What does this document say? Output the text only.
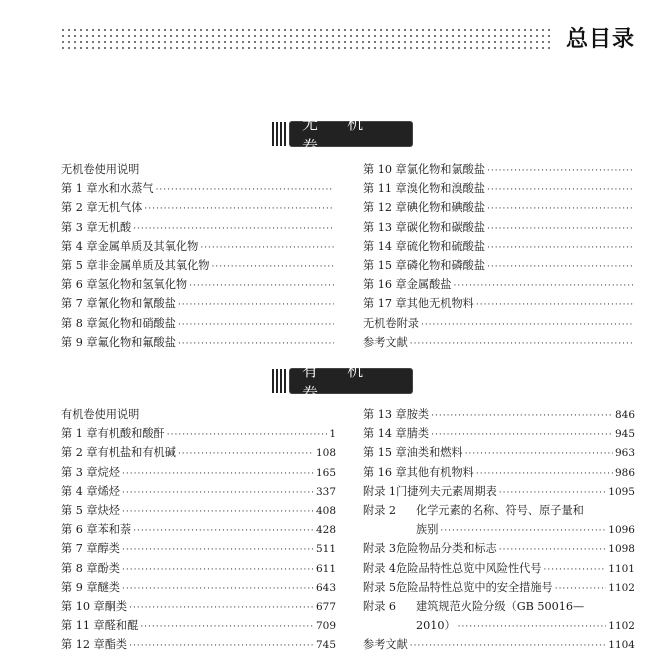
总目录
无 机 卷
无机卷使用说明
第 1 章 水和水蒸气
·····
第 2 章 无机气体
·····
第 3 章 无机酸
·····
第 4 章 金属单质及其氧化物
·····
第 5 章 非金属单质及其氧化物
·····
第 6 章 氢化物和氢氧化物
·····
第 7 章 氰化物和氰酸盐
·····
第 8 章 氮化物和硝酸盐
·····
第 9 章 氟化物和氟酸盐
·····
第 10 章 氯化物和氯酸盐
·····
第 11 章 溴化物和溴酸盐
·····
第 12 章 碘化物和碘酸盐
·····
第 13 章 碳化物和碳酸盐
·····
第 14 章 硫化物和硫酸盐
·····
第 15 章 磷化物和磷酸盐
·····
第 16 章 金属酸盐
·····
第 17 章 其他无机物料
·····
无机卷附录
·····
参考文献
·····
有 机 卷
有机卷使用说明
第 1 章 有机酸和酸酐 ·····	1
第 2 章 有机盐和有机碱 ·····	108
第 3 章 烷烃 ·····	165
第 4 章 烯烃 ·····	337
第 5 章 炔烃 ·····	408
第 6 章 苯和萘 ·····	428
第 7 章 醇类 ·····	511
第 8 章 酚类 ·····	611
第 9 章 醚类 ·····	643
第 10 章 酮类 ·····	677
第 11 章 醛和醌 ·····	709
第 12 章 酯类 ·····	745
第 13 章 胺类 ·····	846
第 14 章 腈类 ·····	945
第 15 章 油类和燃料 ·····	963
第 16 章 其他有机物料 ·····	986
附录 1 门捷列夫元素周期表 ·····	1095
附录 2	化学元素的名称、符号、原子量和
族别 ·····	1096
附录 3 危险物品分类和标志 ·····	1098
附录 4 危险品特性总览中风险性代号 ·····	1101
附录 5 危险品特性总览中的安全措施号 ·····	1102
附录 6	建筑规范火险分级（GB 50016—
2010） ·····	1102
参考文献 ·····	1104
